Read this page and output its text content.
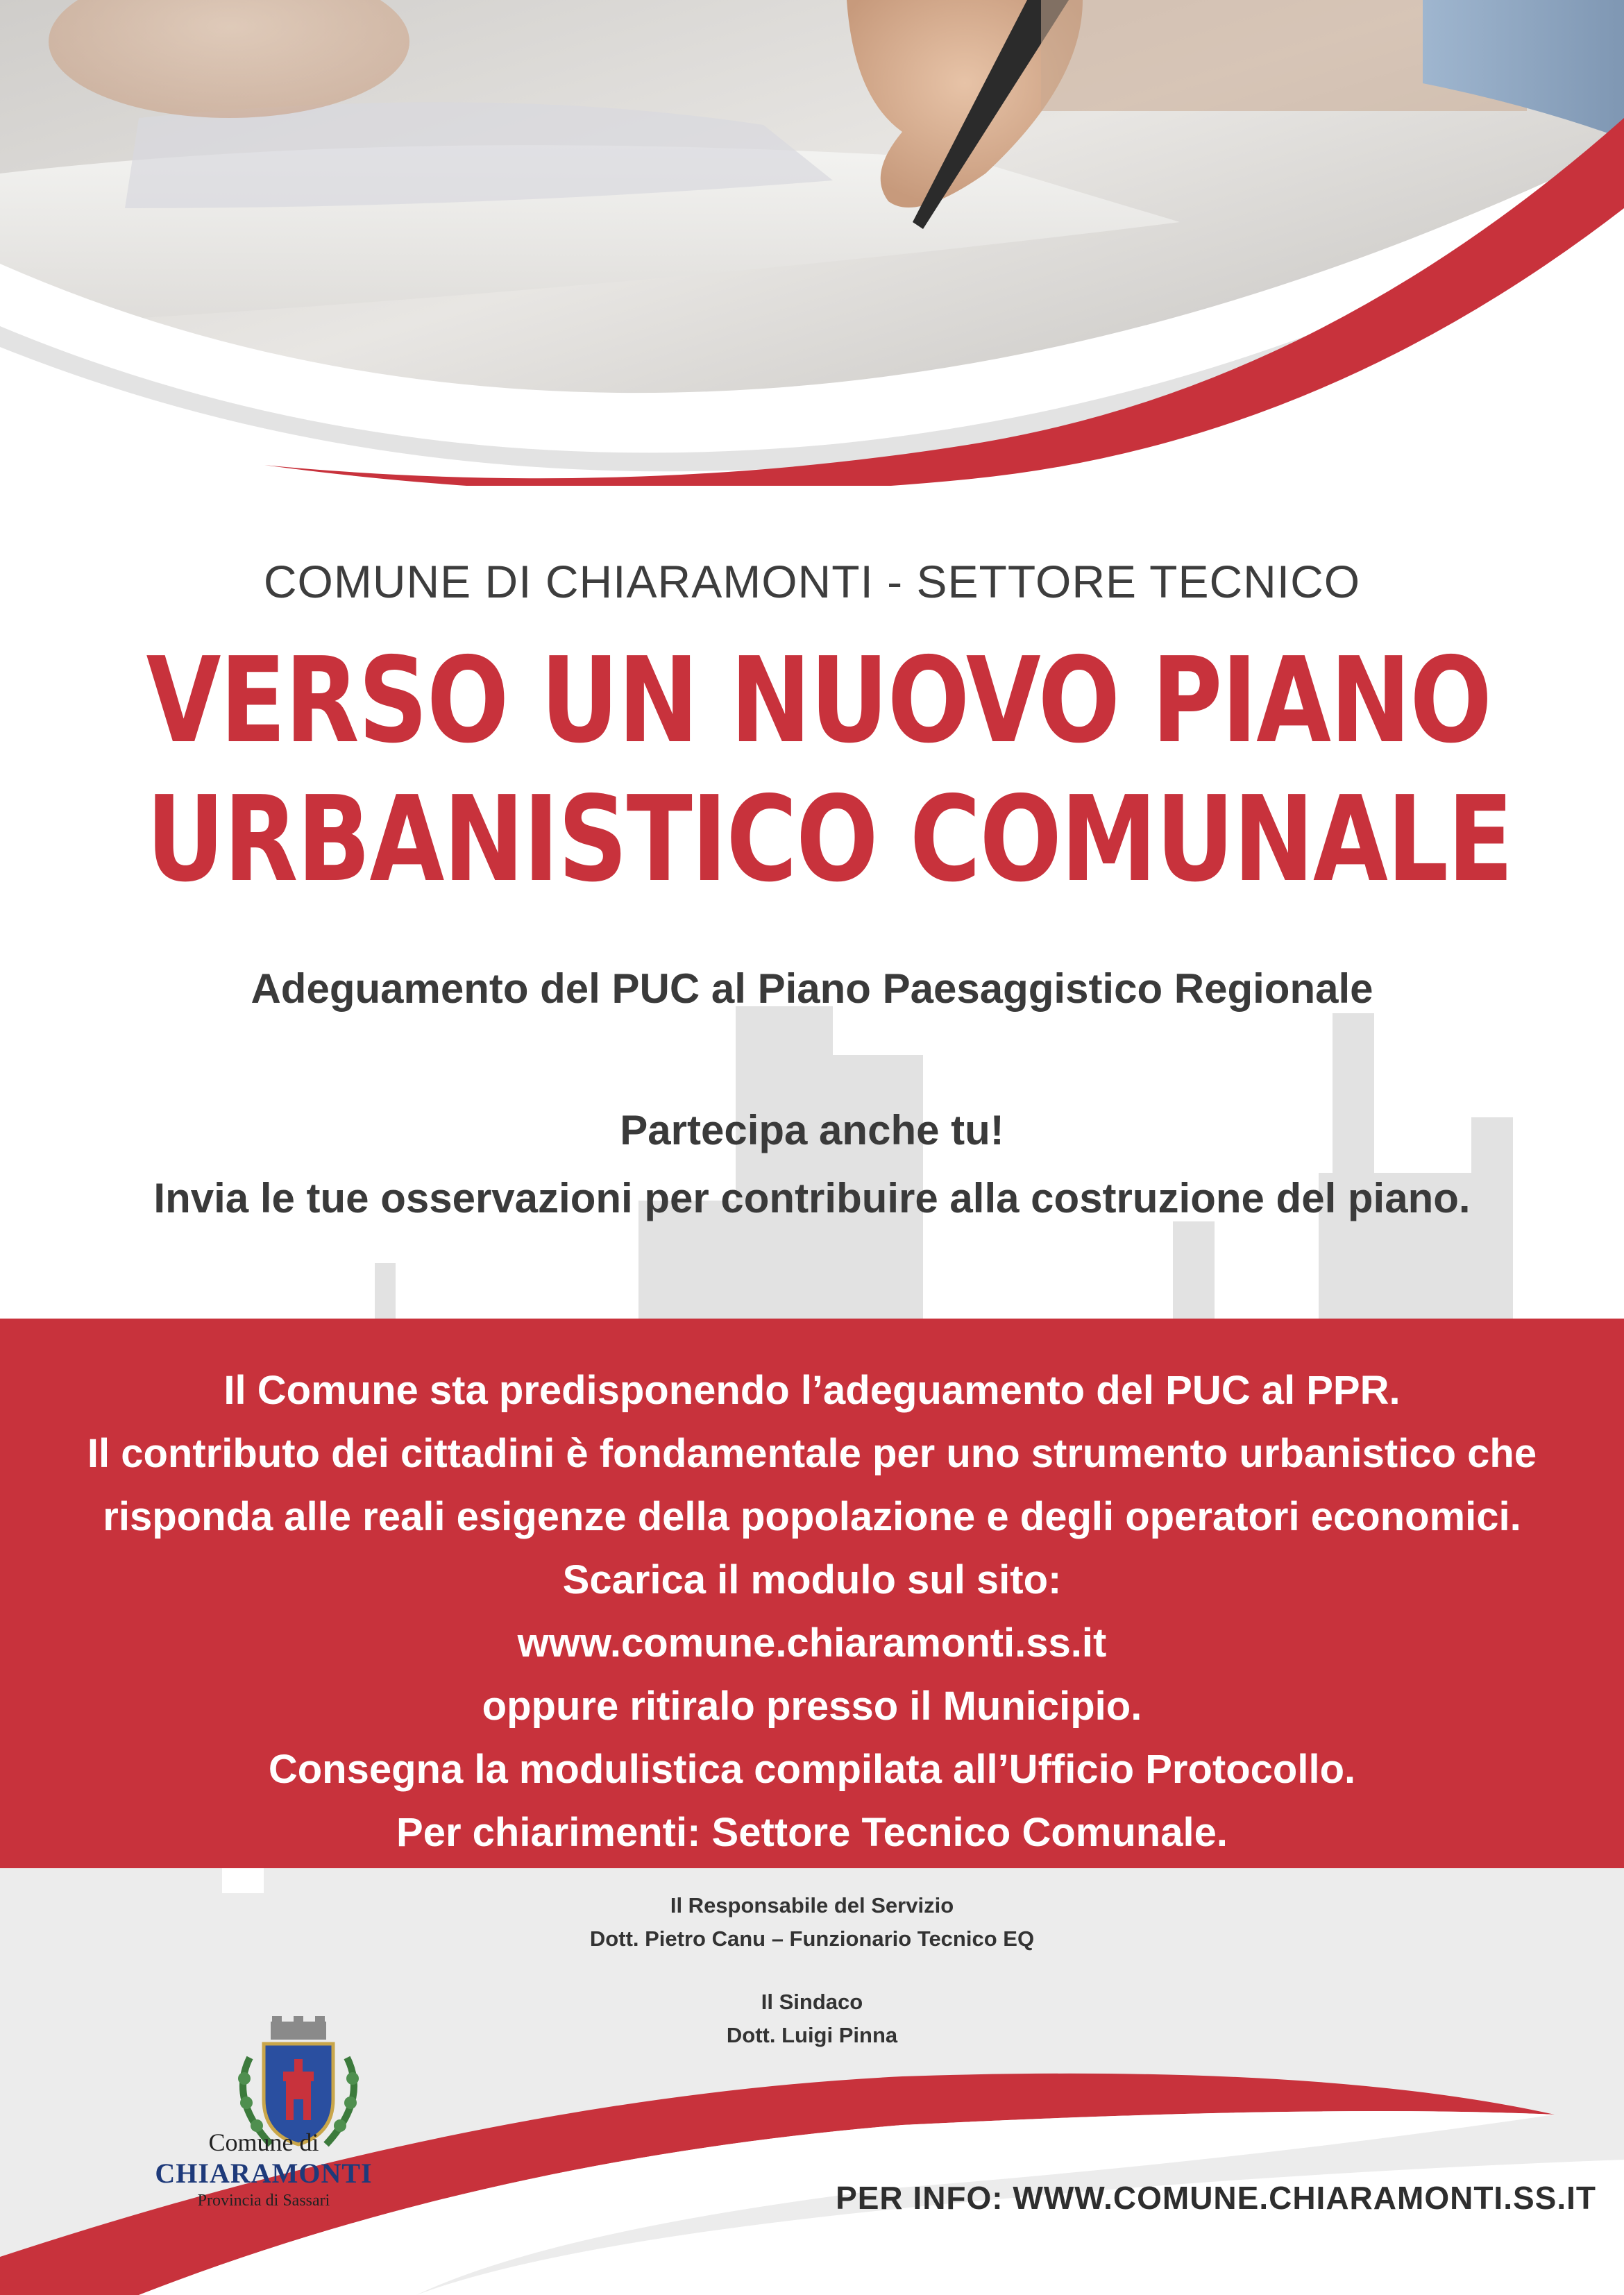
COMUNE DI CHIARAMONTI - SETTORE TECNICO
VERSO UN NUOVO PIANO
URBANISTICO COMUNALE
Adeguamento del PUC al Piano Paesaggistico Regionale
Partecipa anche tu!
Invia le tue osservazioni per contribuire alla costruzione del piano.
Il Comune sta predisponendo l’adeguamento del PUC al PPR.
Il contributo dei cittadini è fondamentale per uno strumento urbanistico che
risponda alle reali esigenze della popolazione e degli operatori economici.
Scarica il modulo sul sito:
www.comune.chiaramonti.ss.it
oppure ritiralo presso il Municipio.
Consegna la modulistica compilata all’Ufficio Protocollo.
Per chiarimenti: Settore Tecnico Comunale.
Il Responsabile del Servizio
Dott. Pietro Canu – Funzionario Tecnico EQ
Il Sindaco
Dott. Luigi Pinna
Comune di
CHIARAMONTI
Provincia di Sassari	PER INFO: WWW.COMUNE.CHIARAMONTI.SS.IT
